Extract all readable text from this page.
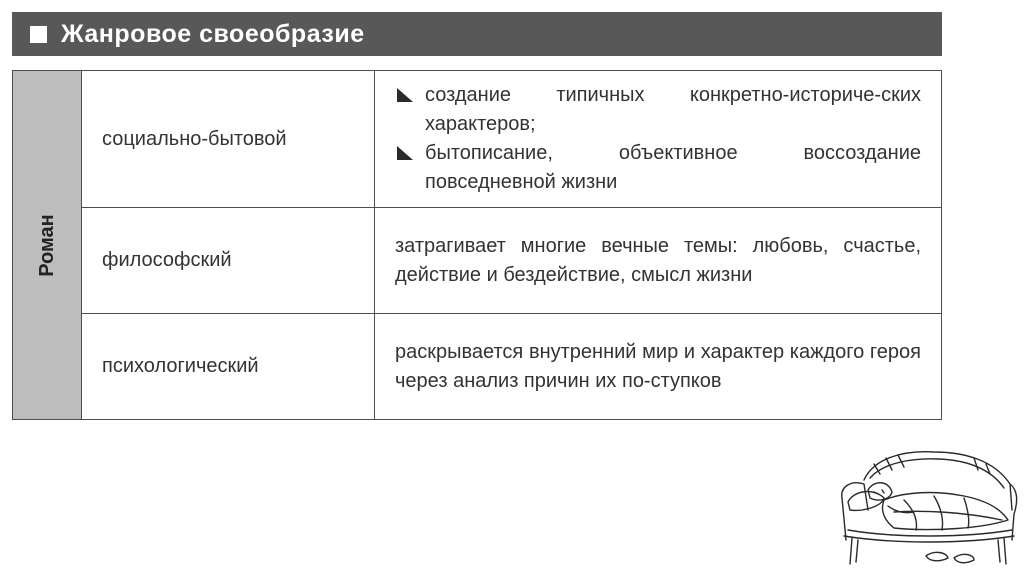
Жанровое своеобразие
Роман	социально-бытовой	создание типичных конкретно-историче-ских характеров;
бытописание, объективное воссоздание повседневной жизни

	философский	затрагивает многие вечные темы: любовь, счастье, действие и бездействие, смысл жизни
	психологический	раскрывается внутренний мир и характер каждого героя через анализ причин их по-ступков
